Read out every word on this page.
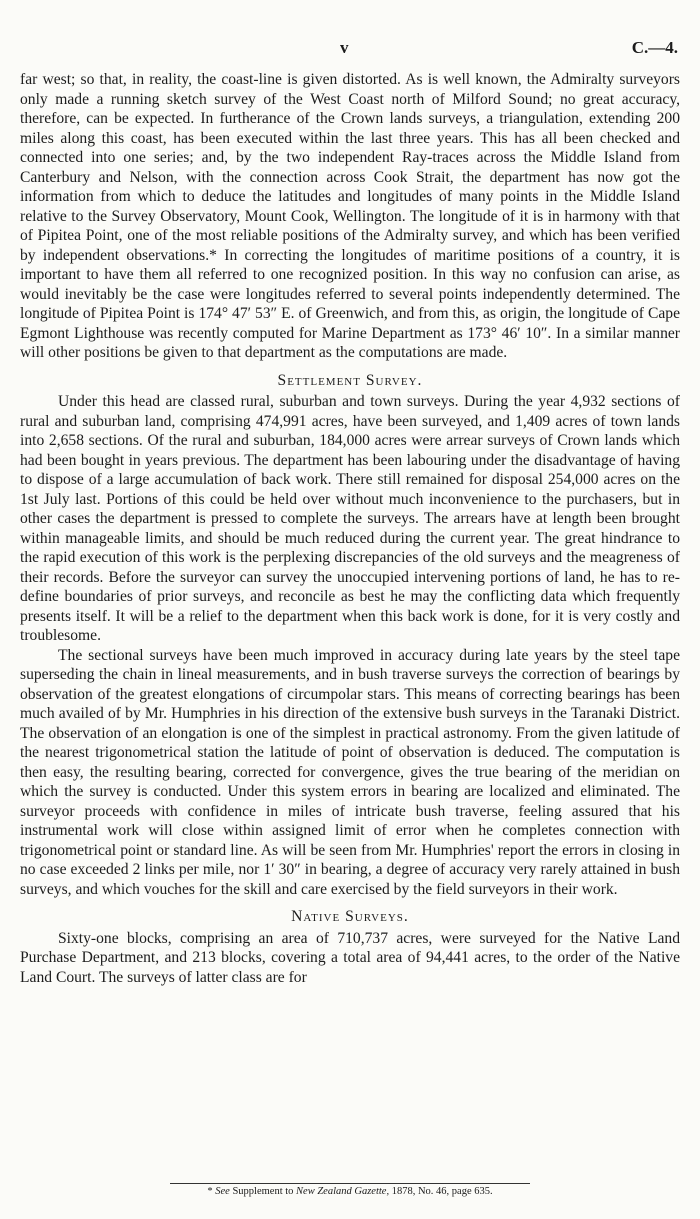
v	C.—4.

far west; so that, in reality, the coast-line is given distorted. As is well known, the Admiralty surveyors only made a running sketch survey of the West Coast north of Milford Sound; no great accuracy, therefore, can be expected. In furtherance of the Crown lands surveys, a triangulation, extending 200 miles along this coast, has been executed within the last three years. This has all been checked and connected into one series; and, by the two independent Ray-traces across the Middle Island from Canterbury and Nelson, with the connection across Cook Strait, the department has now got the information from which to deduce the latitudes and longitudes of many points in the Middle Island relative to the Survey Observatory, Mount Cook, Wellington. The longitude of it is in harmony with that of Pipitea Point, one of the most reliable positions of the Admiralty survey, and which has been verified by independent observations.* In correcting the longitudes of maritime positions of a country, it is important to have them all referred to one recognized position. In this way no confusion can arise, as would inevitably be the case were longitudes referred to several points independently determined. The longitude of Pipitea Point is 174° 47′ 53″ E. of Greenwich, and from this, as origin, the longitude of Cape Egmont Lighthouse was recently computed for Marine Department as 173° 46′ 10″. In a similar manner will other positions be given to that department as the computations are made.

Settlement Survey.

Under this head are classed rural, suburban and town surveys. During the year 4,932 sections of rural and suburban land, comprising 474,991 acres, have been surveyed, and 1,409 acres of town lands into 2,658 sections. Of the rural and suburban, 184,000 acres were arrear surveys of Crown lands which had been bought in years previous. The department has been labouring under the disadvantage of having to dispose of a large accumulation of back work. There still remained for disposal 254,000 acres on the 1st July last. Portions of this could be held over without much inconvenience to the purchasers, but in other cases the department is pressed to complete the surveys. The arrears have at length been brought within manageable limits, and should be much reduced during the current year. The great hindrance to the rapid execution of this work is the perplexing discrepancies of the old surveys and the meagreness of their records. Before the surveyor can survey the unoccupied intervening portions of land, he has to re-define boundaries of prior surveys, and reconcile as best he may the conflicting data which frequently presents itself. It will be a relief to the department when this back work is done, for it is very costly and troublesome.

The sectional surveys have been much improved in accuracy during late years by the steel tape superseding the chain in lineal measurements, and in bush traverse surveys the correction of bearings by observation of the greatest elongations of circumpolar stars. This means of correcting bearings has been much availed of by Mr. Humphries in his direction of the extensive bush surveys in the Taranaki District. The observation of an elongation is one of the simplest in practical astronomy. From the given latitude of the nearest trigonometrical station the latitude of point of observation is deduced. The computation is then easy, the resulting bearing, corrected for convergence, gives the true bearing of the meridian on which the survey is conducted. Under this system errors in bearing are localized and eliminated. The surveyor proceeds with confidence in miles of intricate bush traverse, feeling assured that his instrumental work will close within assigned limit of error when he completes connection with trigonometrical point or standard line. As will be seen from Mr. Humphries' report the errors in closing in no case exceeded 2 links per mile, nor 1′ 30″ in bearing, a degree of accuracy very rarely attained in bush surveys, and which vouches for the skill and care exercised by the field surveyors in their work.

Native Surveys.

Sixty-one blocks, comprising an area of 710,737 acres, were surveyed for the Native Land Purchase Department, and 213 blocks, covering a total area of 94,441 acres, to the order of the Native Land Court. The surveys of latter class are for

* See Supplement to New Zealand Gazette, 1878, No. 46, page 635.
